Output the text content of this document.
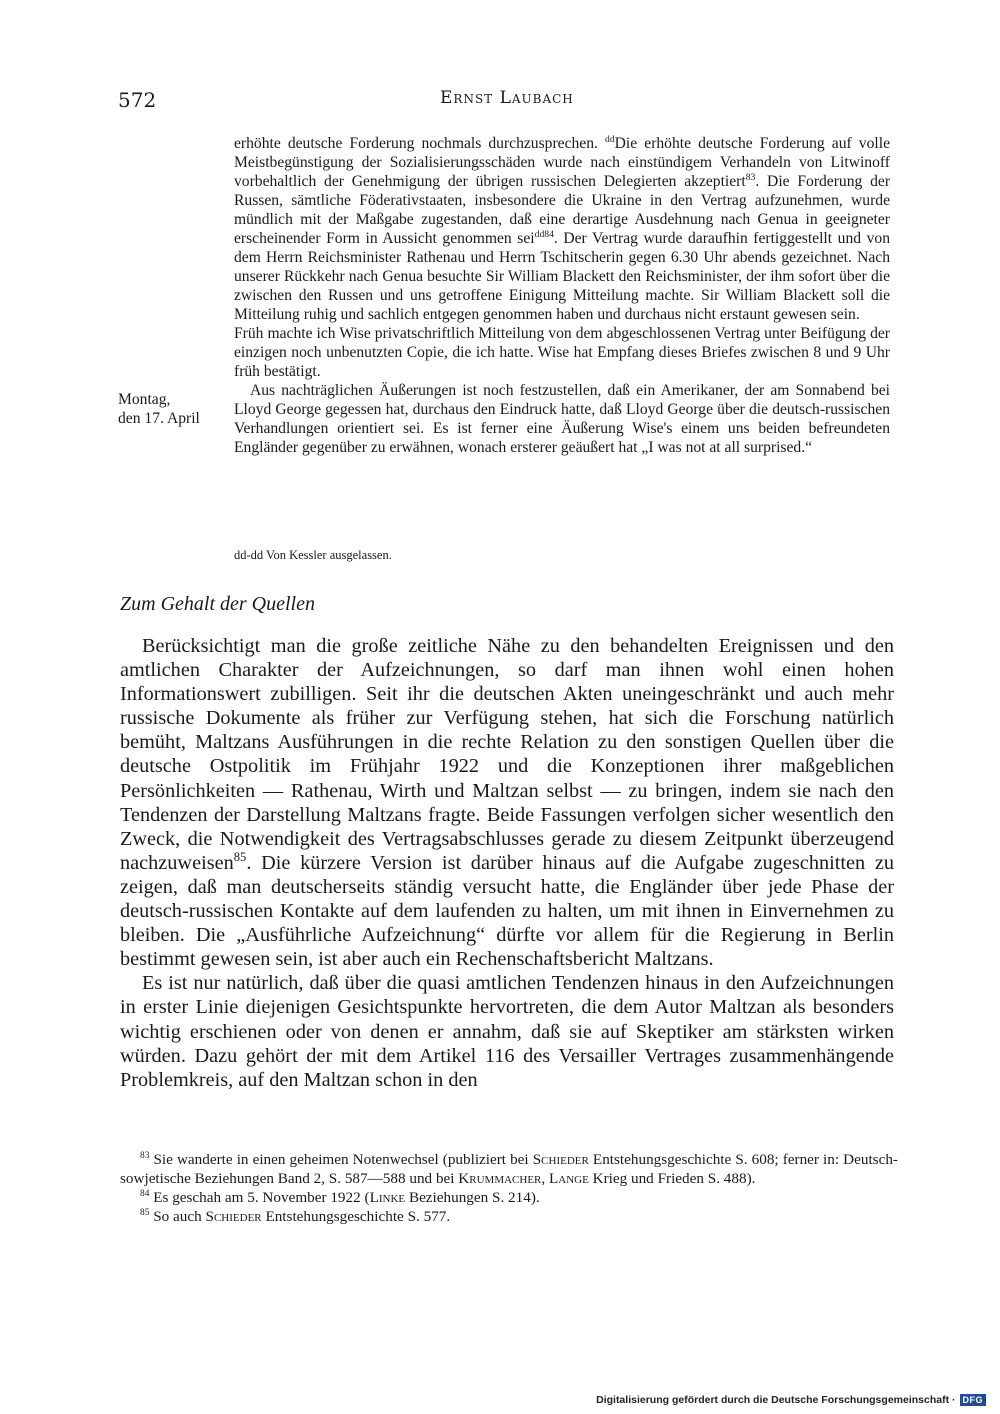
572	Ernst Laubach
Montag,
den 17. April

erhöhte deutsche Forderung nochmals durchzusprechen. $^{dd}$Die erhöhte deutsche Forderung auf volle Meistbegünstigung der Sozialisierungsschäden wurde nach einstündigem Verhandeln von Litwinoff vorbehaltlich der Genehmigung der übrigen russischen Delegierten akzeptiert$^{83}$. Die Forderung der Russen, sämtliche Föderativstaaten, insbesondere die Ukraine in den Vertrag aufzunehmen, wurde mündlich mit der Maßgabe zugestanden, daß eine derartige Ausdehnung nach Genua in geeigneter erscheinender Form in Aussicht genommen sei$^{dd84}$. Der Vertrag wurde daraufhin fertiggestellt und von dem Herrn Reichsminister Rathenau und Herrn Tschitscherin gegen 6.30 Uhr abends gezeichnet. Nach unserer Rückkehr nach Genua besuchte Sir William Blackett den Reichsminister, der ihm sofort über die zwischen den Russen und uns getroffene Einigung Mitteilung machte. Sir William Blackett soll die Mitteilung ruhig und sachlich entgegen genommen haben und durchaus nicht erstaunt gewesen sein.

Früh machte ich Wise privatschriftlich Mitteilung von dem abgeschlossenen Vertrag unter Beifügung der einzigen noch unbenutzten Copie, die ich hatte. Wise hat Empfang dieses Briefes zwischen 8 und 9 Uhr früh bestätigt.

Aus nachträglichen Äußerungen ist noch festzustellen, daß ein Amerikaner, der am Sonnabend bei Lloyd George gegessen hat, durchaus den Eindruck hatte, daß Lloyd George über die deutsch-russischen Verhandlungen orientiert sei. Es ist ferner eine Äußerung Wise's einem uns beiden befreundeten Engländer gegenüber zu erwähnen, wonach ersterer geäußert hat „I was not at all surprised.“

dd-dd Von Kessler ausgelassen.
Zum Gehalt der Quellen

Berücksichtigt man die große zeitliche Nähe zu den behandelten Ereignissen und den amtlichen Charakter der Aufzeichnungen, so darf man ihnen wohl einen hohen Informationswert zubilligen. Seit ihr die deutschen Akten uneingeschränkt und auch mehr russische Dokumente als früher zur Verfügung stehen, hat sich die Forschung natürlich bemüht, Maltzans Ausführungen in die rechte Relation zu den sonstigen Quellen über die deutsche Ostpolitik im Frühjahr 1922 und die Konzeptionen ihrer maßgeblichen Persönlichkeiten — Rathenau, Wirth und Maltzan selbst — zu bringen, indem sie nach den Tendenzen der Darstellung Maltzans fragte. Beide Fassungen verfolgen sicher wesentlich den Zweck, die Notwendigkeit des Vertragsabschlusses gerade zu diesem Zeitpunkt überzeugend nachzuweisen$^{85}$. Die kürzere Version ist darüber hinaus auf die Aufgabe zugeschnitten zu zeigen, daß man deutscherseits ständig versucht hatte, die Engländer über jede Phase der deutsch-russischen Kontakte auf dem laufenden zu halten, um mit ihnen in Einvernehmen zu bleiben. Die „Ausführliche Aufzeichnung“ dürfte vor allem für die Regierung in Berlin bestimmt gewesen sein, ist aber auch ein Rechenschaftsbericht Maltzans.

Es ist nur natürlich, daß über die quasi amtlichen Tendenzen hinaus in den Aufzeichnungen in erster Linie diejenigen Gesichtspunkte hervortreten, die dem Autor Maltzan als besonders wichtig erschienen oder von denen er annahm, daß sie auf Skeptiker am stärksten wirken würden. Dazu gehört der mit dem Artikel 116 des Versailler Vertrages zusammenhängende Problemkreis, auf den Maltzan schon in den

$^{83}$ Sie wanderte in einen geheimen Notenwechsel (publiziert bei Schieder Entstehungsgeschichte S. 608; ferner in: Deutsch-sowjetische Beziehungen Band 2, S. 587—588 und bei Krummacher, Lange Krieg und Frieden S. 488).

$^{84}$ Es geschah am 5. November 1922 (Linke Beziehungen S. 214).

$^{85}$ So auch Schieder Entstehungsgeschichte S. 577.

Digitalisierung gefördert durch die Deutsche Forschungsgemeinschaft · DFG
